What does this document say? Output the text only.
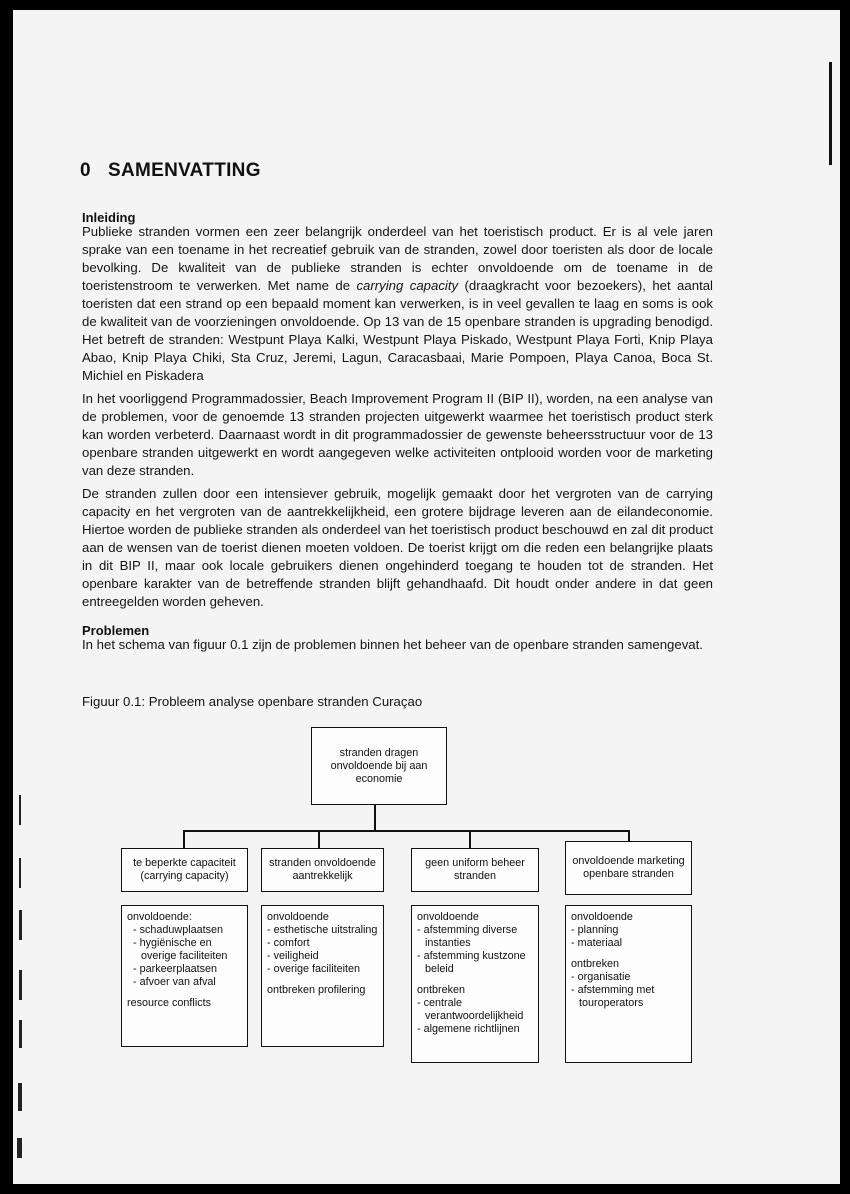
0 SAMENVATTING
Inleiding

Publieke stranden vormen een zeer belangrijk onderdeel van het toeristisch product. Er is al vele jaren sprake van een toename in het recreatief gebruik van de stranden, zowel door toeristen als door de locale bevolking. De kwaliteit van de publieke stranden is echter onvoldoende om de toename in de toeristenstroom te verwerken. Met name de carrying capacity (draagkracht voor bezoekers), het aantal toeristen dat een strand op een bepaald moment kan verwerken, is in veel gevallen te laag en soms is ook de kwaliteit van de voorzieningen onvoldoende. Op 13 van de 15 openbare stranden is upgrading benodigd. Het betreft de stranden: Westpunt Playa Kalki, Westpunt Playa Piskado, Westpunt Playa Forti, Knip Playa Abao, Knip Playa Chiki, Sta Cruz, Jeremi, Lagun, Caracasbaai, Marie Pompoen, Playa Canoa, Boca St. Michiel en Piskadera

In het voorliggend Programmadossier, Beach Improvement Program II (BIP II), worden, na een analyse van de problemen, voor de genoemde 13 stranden projecten uitgewerkt waarmee het toeristisch product sterk kan worden verbeterd. Daarnaast wordt in dit programmadossier de gewenste beheersstructuur voor de 13 openbare stranden uitgewerkt en wordt aangegeven welke activiteiten ontplooid worden voor de marketing van deze stranden.

De stranden zullen door een intensiever gebruik, mogelijk gemaakt door het vergroten van de carrying capacity en het vergroten van de aantrekkelijkheid, een grotere bijdrage leveren aan de eilandeconomie. Hiertoe worden de publieke stranden als onderdeel van het toeristisch product beschouwd en zal dit product aan de wensen van de toerist dienen moeten voldoen. De toerist krijgt om die reden een belangrijke plaats in dit BIP II, maar ook locale gebruikers dienen ongehinderd toegang te houden tot de stranden. Het openbare karakter van de betreffende stranden blijft gehandhaafd. Dit houdt onder andere in dat geen entreegelden worden geheven.

Problemen

In het schema van figuur 0.1 zijn de problemen binnen het beheer van de openbare stranden samengevat.

Figuur 0.1: Probleem analyse openbare stranden Curaçao
stranden dragen onvoldoende bij aan economie
te beperkte capaciteit (carrying capacity)
stranden onvoldoende aantrekkelijk
geen uniform beheer stranden
onvoldoende marketing openbare stranden
onvoldoende:
- schaduwplaatsen
- hygiënische en
overige faciliteiten
- parkeerplaatsen
- afvoer van afval
resource conflicts
onvoldoende
- esthetische uitstraling
- comfort
- veiligheid
- overige faciliteiten
ontbreken profilering
onvoldoende
- afstemming diverse
instanties
- afstemming kustzone
beleid
ontbreken
- centrale
verantwoordelijkheid
- algemene richtlijnen
onvoldoende
- planning
- materiaal
ontbreken
- organisatie
- afstemming met
touroperators
